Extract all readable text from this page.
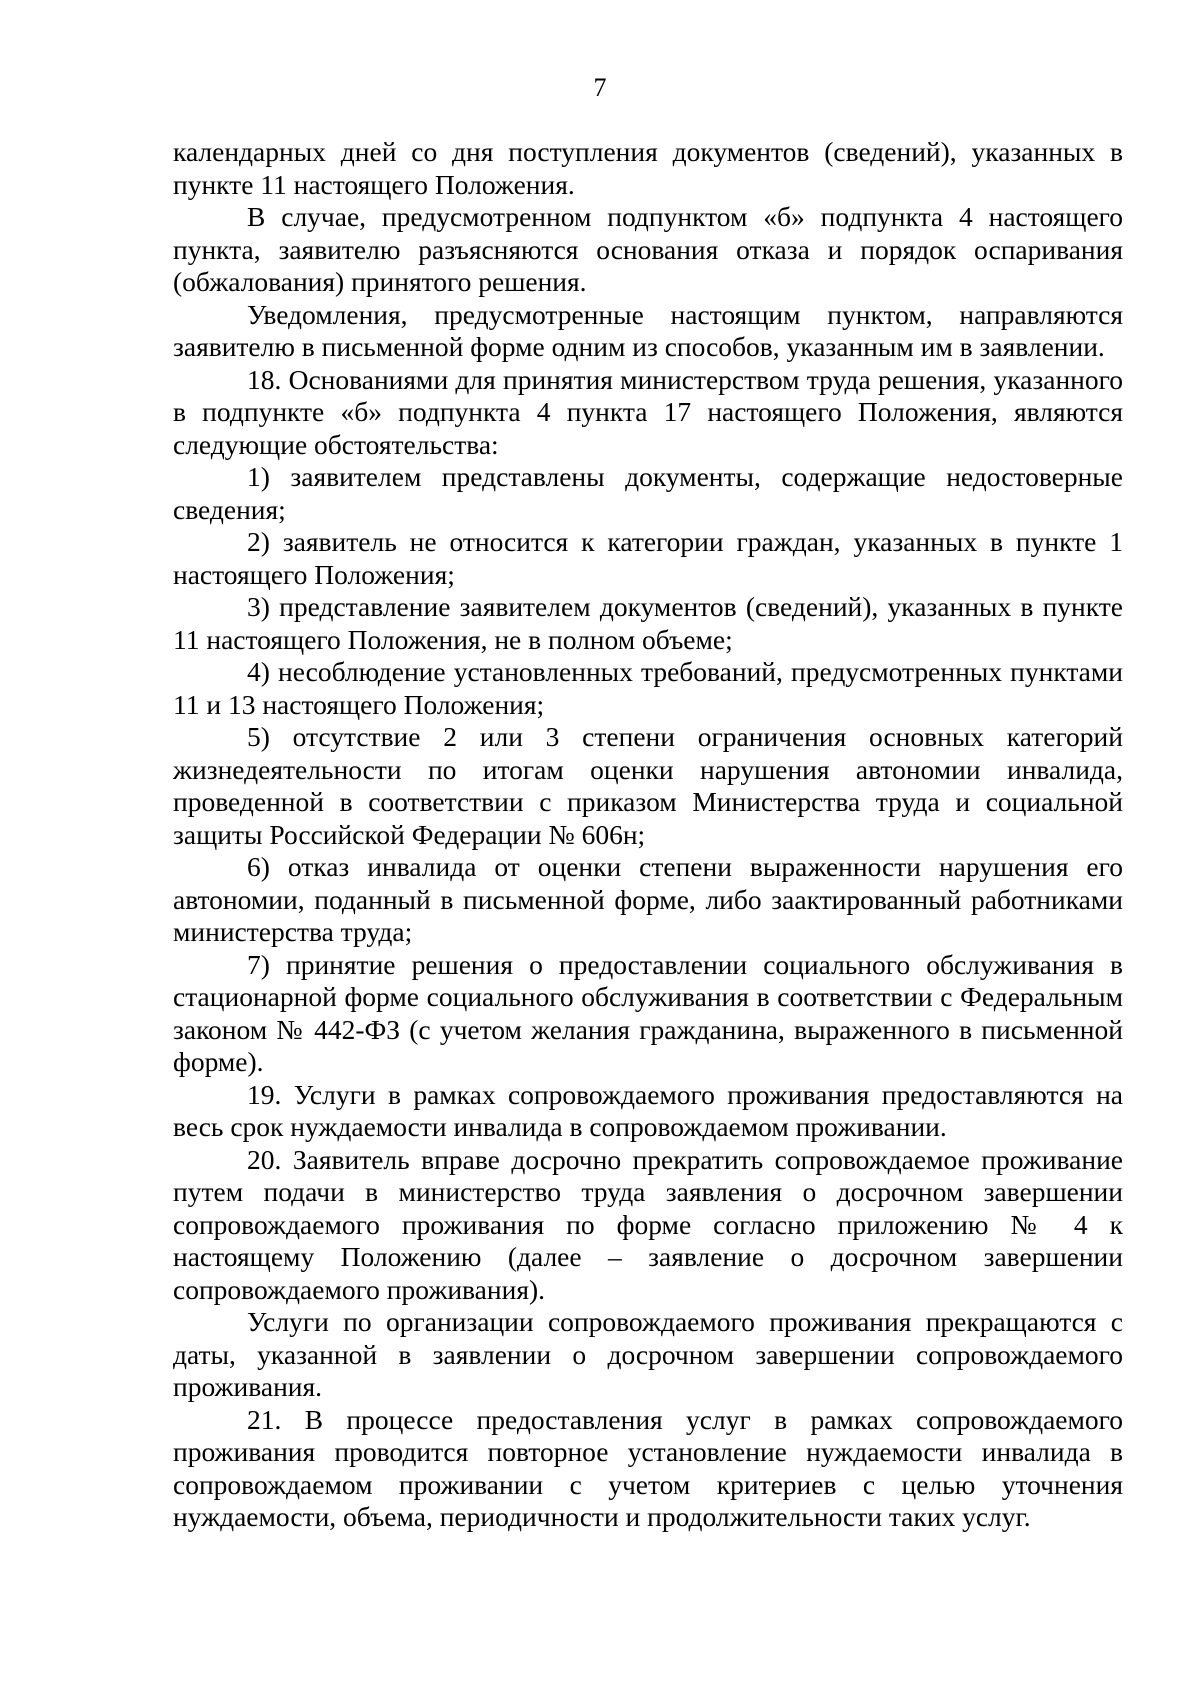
7

календарных дней со дня поступления документов (сведений), указанных в пункте 11 настоящего Положения.

В случае, предусмотренном подпунктом «б» подпункта 4 настоящего пункта, заявителю разъясняются основания отказа и порядок оспаривания (обжалования) принятого решения.

Уведомления, предусмотренные настоящим пунктом, направляются заявителю в письменной форме одним из способов, указанным им в заявлении.

18. Основаниями для принятия министерством труда решения, указанного в подпункте «б» подпункта 4 пункта 17 настоящего Положения, являются следующие обстоятельства:

1) заявителем представлены документы, содержащие недостоверные сведения;

2) заявитель не относится к категории граждан, указанных в пункте 1 настоящего Положения;

3) представление заявителем документов (сведений), указанных в пункте 11 настоящего Положения, не в полном объеме;

4) несоблюдение установленных требований, предусмотренных пунктами 11 и 13 настоящего Положения;

5) отсутствие 2 или 3 степени ограничения основных категорий жизнедеятельности по итогам оценки нарушения автономии инвалида, проведенной в соответствии с приказом Министерства труда и социальной защиты Российской Федерации № 606н;

6) отказ инвалида от оценки степени выраженности нарушения его автономии, поданный в письменной форме, либо заактированный работниками министерства труда;

7) принятие решения о предоставлении социального обслуживания в стационарной форме социального обслуживания в соответствии с Федеральным законом № 442-ФЗ (с учетом желания гражданина, выраженного в письменной форме).

19. Услуги в рамках сопровождаемого проживания предоставляются на весь срок нуждаемости инвалида в сопровождаемом проживании.

20. Заявитель вправе досрочно прекратить сопровождаемое проживание путем подачи в министерство труда заявления о досрочном завершении сопровождаемого проживания по форме согласно приложению № 4 к настоящему Положению (далее – заявление о досрочном завершении сопровождаемого проживания).

Услуги по организации сопровождаемого проживания прекращаются с даты, указанной в заявлении о досрочном завершении сопровождаемого проживания.

21. В процессе предоставления услуг в рамках сопровождаемого проживания проводится повторное установление нуждаемости инвалида в сопровождаемом проживании с учетом критериев с целью уточнения нуждаемости, объема, периодичности и продолжительности таких услуг.
